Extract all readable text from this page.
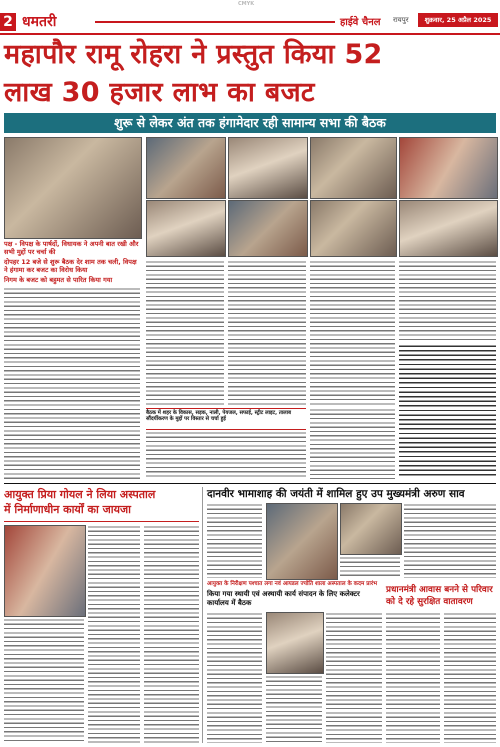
CMYK
2 धमतरी	हाईवे चैनल रायपुर	शुक्रवार, 25 अप्रैल 2025
महापौर रामू रोहरा ने प्रस्तुत किया 52
लाख 30 हजार लाभ का बजट
शुरू से लेकर अंत तक हंगामेदार रही सामान्य सभा की बैठक
पक्ष - विपक्ष के पार्षदों, विधायक ने अपनी बात रखी और सभी मुद्दों पर चर्चा की
दोपहर 12 बजे से शुरू बैठक देर शाम तक चली, विपक्ष ने हंगामा कर बजट का विरोध किया
निगम के बजट को बहुमत से पारित किया गया
बैठक में शहर के विकास, सड़क, नाली, पेयजल, सफाई, स्ट्रीट लाइट, तालाब सौंदर्यीकरण के मुद्दों पर विस्तार से चर्चा हुई
आयुक्त प्रिया गोयल ने लिया अस्पताल
में निर्माणाधीन कार्यों का जायजा
दानवीर भामाशाह की जयंती में शामिल हुए उप मुख्यमंत्री अरुण साव
आयुक्त के निरीक्षण पश्चात लगा नवं आयडल ज्योति शाला अस्पताल के कदम प्रारंभ
किया गया स्थायी एवं अस्थायी कार्य संपादन के लिए कलेक्टर कार्यालय में बैठक
प्रधानमंत्री आवास बनने से परिवार
को दे रहे सुरक्षित वातावरण
